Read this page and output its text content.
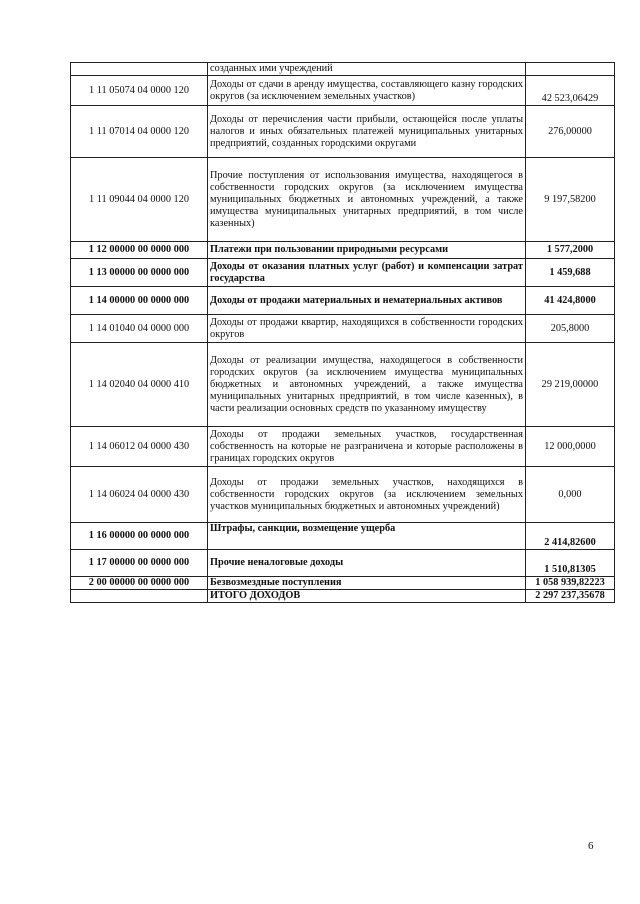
	созданных ими учреждений	
1 11 05074 04 0000 120	Доходы от сдачи в аренду имущества, составляющего казну городских округов (за исключением земельных участков)	42 523,06429
1 11 07014 04 0000 120	Доходы от перечисления части прибыли, остающейся после уплаты налогов и иных обязательных платежей муниципальных унитарных предприятий, созданных городскими округами	276,00000
1 11 09044 04 0000 120	Прочие поступления от использования имущества, находящегося в собственности городских округов (за исключением имущества муниципальных бюджетных и автономных учреждений, а также имущества муниципальных унитарных предприятий, в том числе казенных)	9 197,58200
1 12 00000 00 0000 000	Платежи при пользовании природными ресурсами	1 577,2000
1 13 00000 00 0000 000	Доходы от оказания платных услуг (работ) и компенсации затрат государства	1 459,688
1 14 00000 00 0000 000	Доходы от продажи материальных и нематериальных активов	41 424,8000
1 14 01040 04 0000 000	Доходы от продажи квартир, находящихся в собственности городских округов	205,8000
1 14 02040 04 0000 410	Доходы от реализации имущества, находящегося в собственности городских округов (за исключением имущества муниципальных бюджетных и автономных учреждений, а также имущества муниципальных унитарных предприятий, в том числе казенных), в части реализации основных средств по указанному имуществу	29 219,00000
1 14 06012 04 0000 430	Доходы от продажи земельных участков, государственная собственность на которые не разграничена и которые расположены в границах городских округов	12 000,0000
1 14 06024 04 0000 430	Доходы от продажи земельных участков, находящихся в собственности городских округов (за исключением земельных участков муниципальных бюджетных и автономных учреждений)	0,000
1 16 00000 00 0000 000	Штрафы, санкции, возмещение ущерба	2 414,82600
1 17 00000 00 0000 000	Прочие неналоговые доходы	1 510,81305
2 00 00000 00 0000 000	Безвозмездные поступления	1 058 939,82223
	ИТОГО ДОХОДОВ	2 297 237,35678
6
